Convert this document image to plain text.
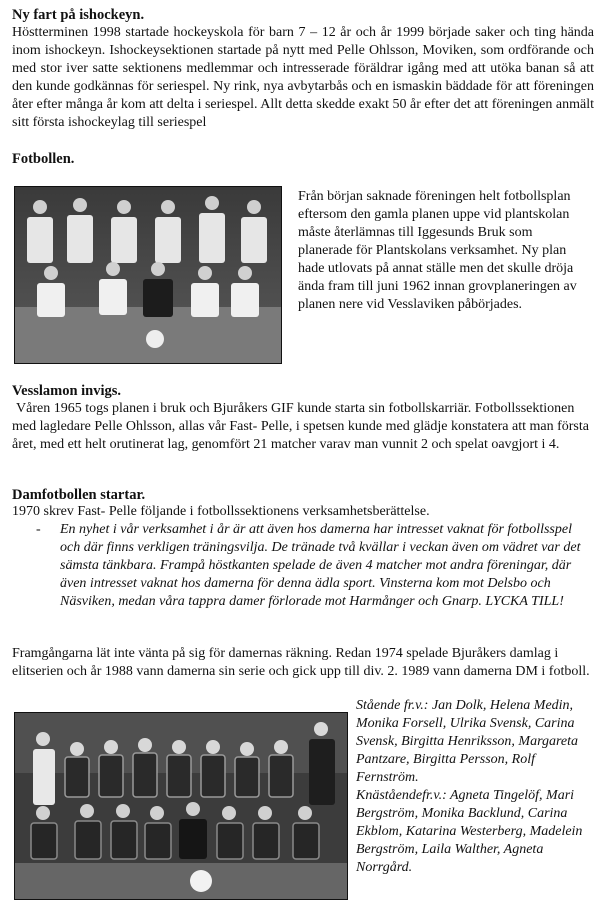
Ny fart på ishockeyn.

Höstterminen 1998 startade hockeyskola för barn 7 – 12 år och år 1999 började saker och ting hända inom ishockeyn. Ishockeysektionen startade på nytt med Pelle Ohlsson, Moviken, som ordförande och med stor iver satte sektionens medlemmar och intresserade föräldrar igång med att utöka banan så att den kunde godkännas för seriespel. Ny rink, nya avbytarbås och en ismaskin bäddade för att föreningen åter efter många år kom att delta i seriespel. Allt detta skedde exakt 50 år efter det att föreningen anmält sitt första ishockeylag till seriespel

Fotbollen.

Från början saknade föreningen helt fotbollsplan eftersom den gamla planen uppe vid plantskolan måste återlämnas till Iggesunds Bruk som planerade för Plantskolans verksamhet. Ny plan hade utlovats på annat ställe men det skulle dröja ända fram till juni 1962 innan grovplaneringen av planen nere vid Vesslaviken påbörjades.

Vesslamon invigs.

Våren 1965 togs planen i bruk och Bjuråkers GIF kunde starta sin fotbollskarriär. Fotbollssektionen med lagledare Pelle Ohlsson, allas vår Fast- Pelle, i spetsen kunde med glädje konstatera att man första året, med ett helt orutinerat lag, genomfört 21 matcher varav man vunnit 2 och spelat oavgjort i 4.

Damfotbollen startar.

1970 skrev Fast- Pelle följande i fotbollssektionens verksamhetsberättelse.

- En nyhet i vår verksamhet i år är att även hos damerna har intresset vaknat för fotbollsspel och där finns verkligen träningsvilja. De tränade två kvällar i veckan även om vädret var det sämsta tänkbara. Frampå höstkanten spelade de även 4 matcher mot andra föreningar, där även intresset vaknat hos damerna för denna ädla sport. Vinsterna kom mot Delsbo och Näsviken, medan våra tappra damer förlorade mot Harmånger och Gnarp. LYCKA TILL!

Framgångarna lät inte vänta på sig för damernas räkning. Redan 1974 spelade Bjuråkers damlag i elitserien och år 1988 vann damerna sin serie och gick upp till div. 2. 1989 vann damerna DM i fotboll.

Stående fr.v.: Jan Dolk, Helena Medin, Monika Forsell, Ulrika Svensk, Carina Svensk, Birgitta Henriksson, Margareta Pantzare, Birgitta Persson, Rolf Fernström.

Knäståendefr.v.: Agneta Tingelöf, Mari Bergström, Monika Backlund, Carina Ekblom, Katarina Westerberg, Madelein Bergström, Laila Walther, Agneta Norrgård.
